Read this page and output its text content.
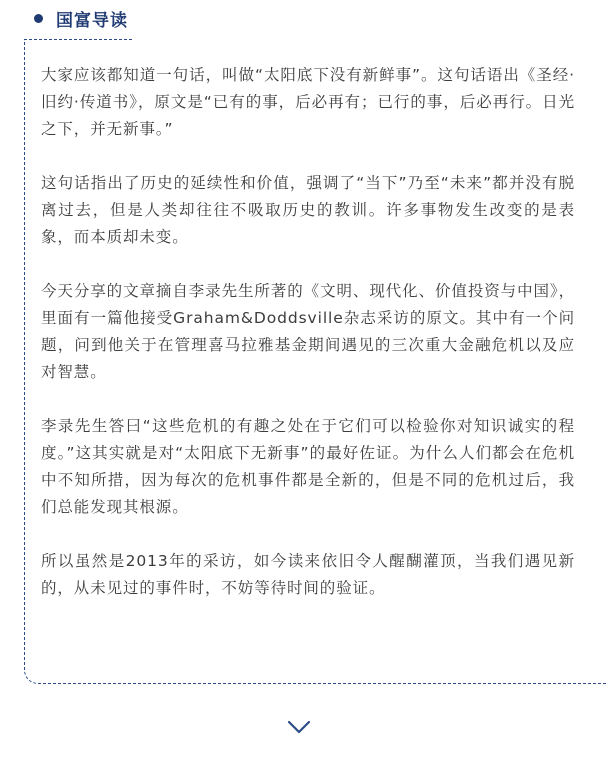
国富导读

大家应该都知道一句话，叫做“太阳底下没有新鲜事”。这句话语出《圣经·旧约·传道书》，原文是“已有的事，后必再有；已行的事，后必再行。日光之下，并无新事。”

这句话指出了历史的延续性和价值，强调了“当下”乃至“未来”都并没有脱离过去，但是人类却往往不吸取历史的教训。许多事物发生改变的是表象，而本质却未变。

今天分享的文章摘自李录先生所著的《文明、现代化、价值投资与中国》，里面有一篇他接受Graham&Doddsville杂志采访的原文。其中有一个问题，问到他关于在管理喜马拉雅基金期间遇见的三次重大金融危机以及应对智慧。

李录先生答曰“这些危机的有趣之处在于它们可以检验你对知识诚实的程度。”这其实就是对“太阳底下无新事”的最好佐证。为什么人们都会在危机中不知所措，因为每次的危机事件都是全新的，但是不同的危机过后，我们总能发现其根源。

所以虽然是2013年的采访，如今读来依旧令人醒醐灌顶，当我们遇见新的，从未见过的事件时，不妨等待时间的验证。
